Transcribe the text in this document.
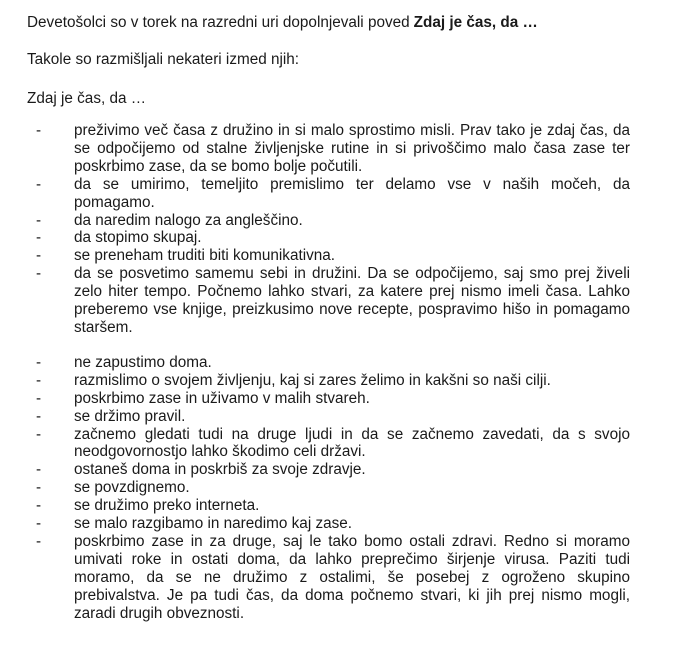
Devetošolci so v torek na razredni uri dopolnjevali poved Zdaj je čas, da …
Takole so razmišljali nekateri izmed njih:
Zdaj je čas, da …
- preživimo več časa z družino in si malo sprostimo misli. Prav tako je zdaj čas, da se odpočijemo od stalne življenjske rutine in si privoščimo malo časa zase ter poskrbimo zase, da se bomo bolje počutili.
- da se umirimo, temeljito premislimo ter delamo vse v naših močeh, da pomagamo.
- da naredim nalogo za angleščino.
- da stopimo skupaj.
- se preneham truditi biti komunikativna.
- da se posvetimo samemu sebi in družini. Da se odpočijemo, saj smo prej živeli zelo hiter tempo. Počnemo lahko stvari, za katere prej nismo imeli časa. Lahko preberemo vse knjige, preizkusimo nove recepte, pospravimo hišo in pomagamo staršem.
- ne zapustimo doma.
- razmislimo o svojem življenju, kaj si zares želimo in kakšni so naši cilji.
- poskrbimo zase in uživamo v malih stvareh.
- se držimo pravil.
- začnemo gledati tudi na druge ljudi in da se začnemo zavedati, da s svojo neodgovornostjo lahko škodimo celi državi.
- ostaneš doma in poskrbiš za svoje zdravje.
- se povzdignemo.
- se družimo preko interneta.
- se malo razgibamo in naredimo kaj zase.
- poskrbimo zase in za druge, saj le tako bomo ostali zdravi. Redno si moramo umivati roke in ostati doma, da lahko preprečimo širjenje virusa. Paziti tudi moramo, da se ne družimo z ostalimi, še posebej z ogroženo skupino prebivalstva. Je pa tudi čas, da doma počnemo stvari, ki jih prej nismo mogli, zaradi drugih obveznosti.
